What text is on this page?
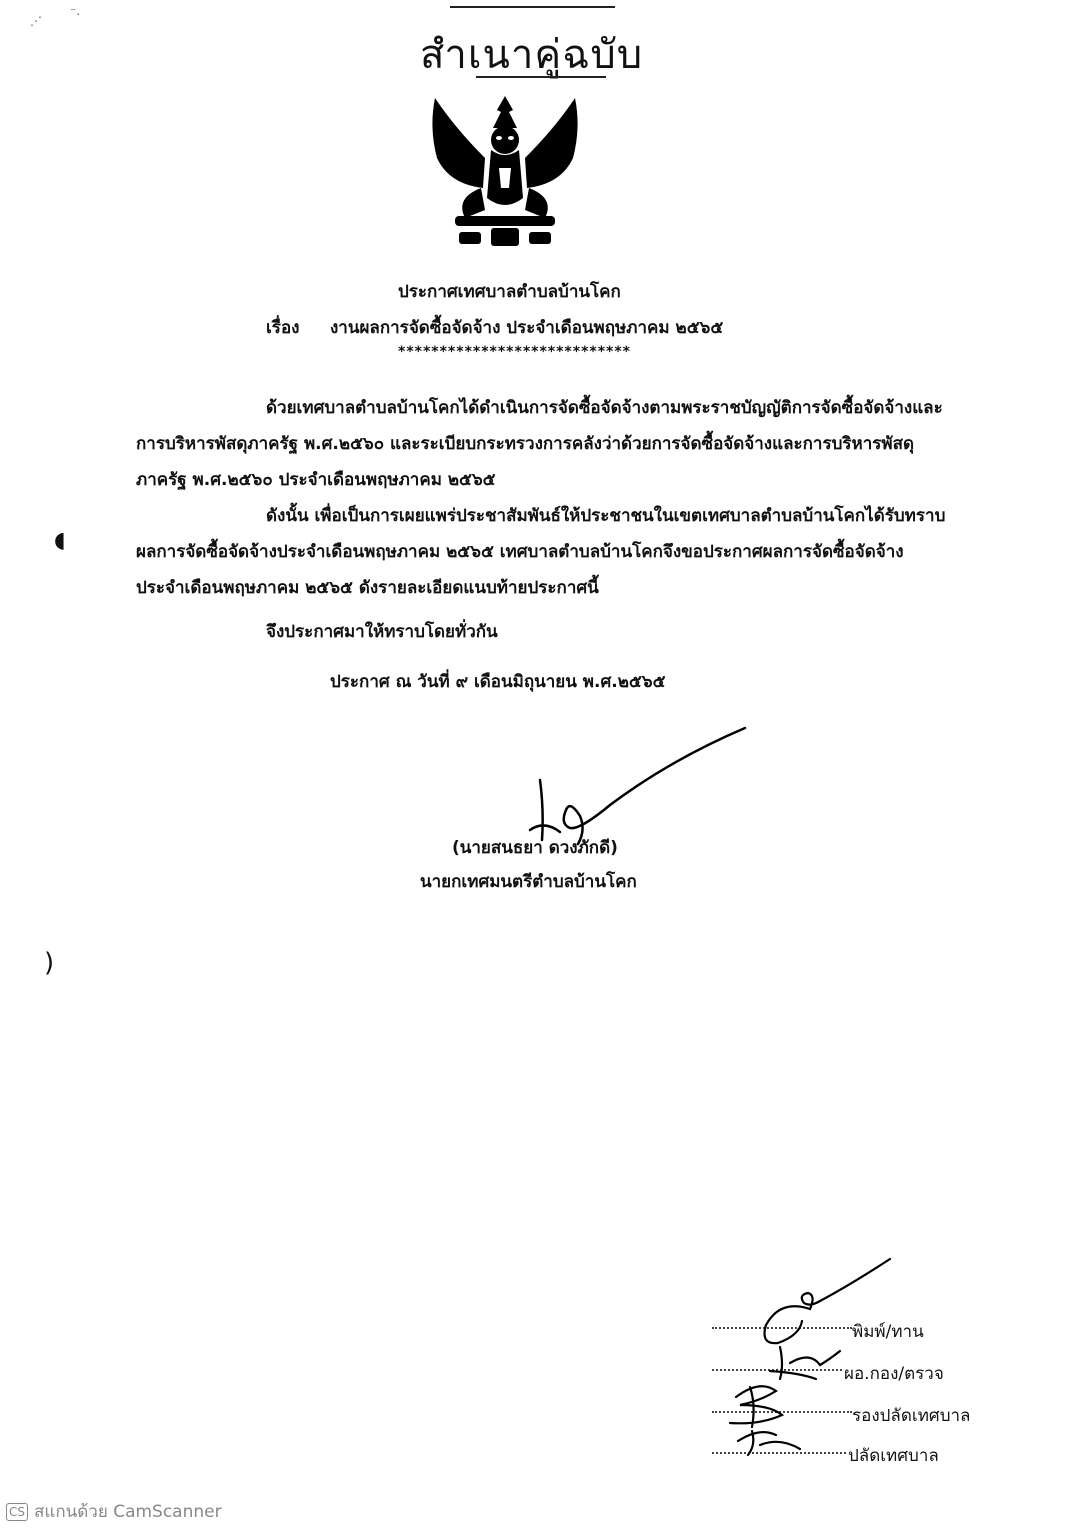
สำเนาคู่ฉบับ
⋰
⁻.
ประกาศเทศบาลตำบลบ้านโคก
เรื่อง งานผลการจัดซื้อจัดจ้าง ประจำเดือนพฤษภาคม ๒๕๖๕
****************************
ด้วยเทศบาลตำบลบ้านโคกได้ดำเนินการจัดซื้อจัดจ้างตามพระราชบัญญัติการจัดซื้อจัดจ้างและ
การบริหารพัสดุภาครัฐ พ.ศ.๒๕๖๐ และระเบียบกระทรวงการคลังว่าด้วยการจัดซื้อจัดจ้างและการบริหารพัสดุ
ภาครัฐ พ.ศ.๒๕๖๐ ประจำเดือนพฤษภาคม ๒๕๖๕
◖
)
ดังนั้น เพื่อเป็นการเผยแพร่ประชาสัมพันธ์ให้ประชาชนในเขตเทศบาลตำบลบ้านโคกได้รับทราบ
ผลการจัดซื้อจัดจ้างประจำเดือนพฤษภาคม ๒๕๖๕ เทศบาลตำบลบ้านโคกจึงขอประกาศผลการจัดซื้อจัดจ้าง
ประจำเดือนพฤษภาคม ๒๕๖๕ ดังรายละเอียดแนบท้ายประกาศนี้
จึงประกาศมาให้ทราบโดยทั่วกัน
ประกาศ ณ วันที่ ๙ เดือนมิถุนายน พ.ศ.๒๕๖๕
(นายสนธยา ดวงภักดี)
นายกเทศมนตรีตำบลบ้านโคก
พิมพ์/ทาน
ผอ.กอง/ตรวจ
รองปลัดเทศบาล
ปลัดเทศบาล
CS สแกนด้วย CamScanner
